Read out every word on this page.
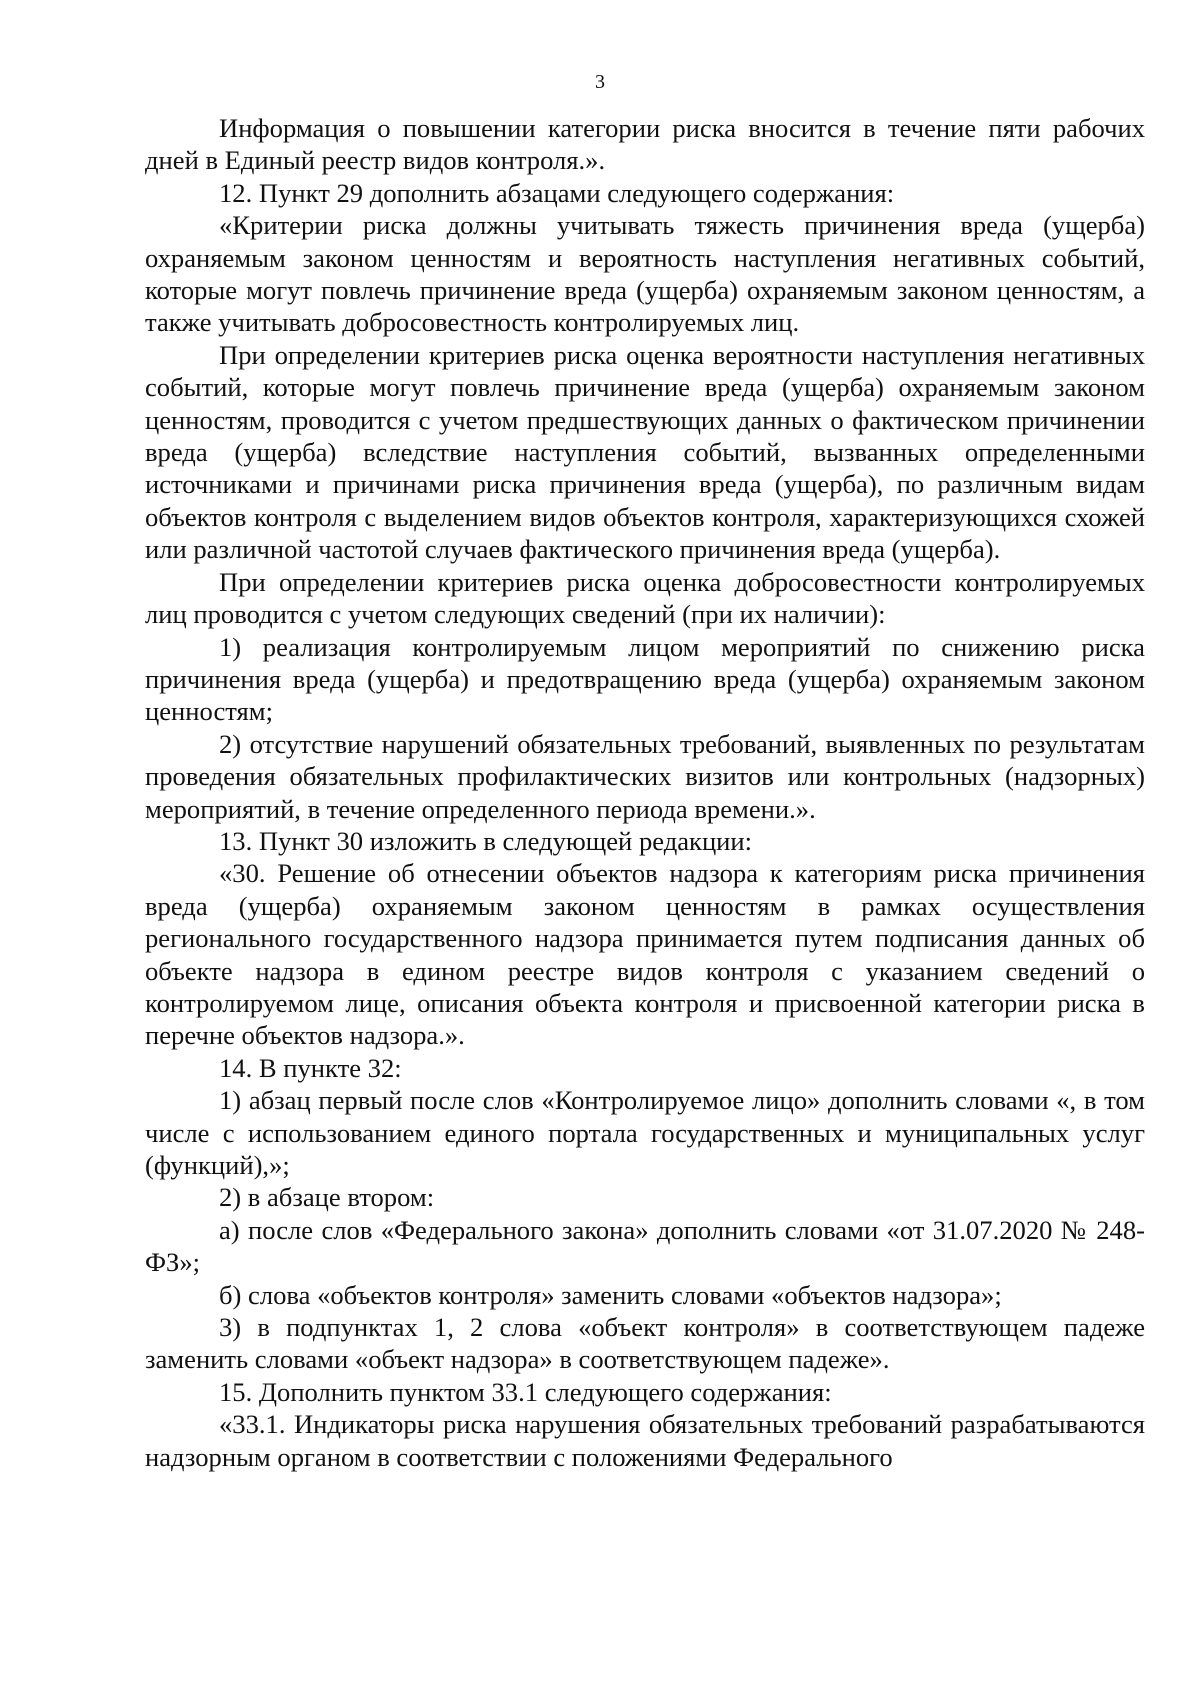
3

Информация о повышении категории риска вносится в течение пяти рабочих дней в Единый реестр видов контроля.».

12. Пункт 29 дополнить абзацами следующего содержания:

«Критерии риска должны учитывать тяжесть причинения вреда (ущерба) охраняемым законом ценностям и вероятность наступления негативных событий, которые могут повлечь причинение вреда (ущерба) охраняемым законом ценностям, а также учитывать добросовестность контролируемых лиц.

При определении критериев риска оценка вероятности наступления негативных событий, которые могут повлечь причинение вреда (ущерба) охраняемым законом ценностям, проводится с учетом предшествующих данных о фактическом причинении вреда (ущерба) вследствие наступления событий, вызванных определенными источниками и причинами риска причинения вреда (ущерба), по различным видам объектов контроля с выделением видов объектов контроля, характеризующихся схожей или различной частотой случаев фактического причинения вреда (ущерба).

При определении критериев риска оценка добросовестности контролируемых лиц проводится с учетом следующих сведений (при их наличии):

1) реализация контролируемым лицом мероприятий по снижению риска причинения вреда (ущерба) и предотвращению вреда (ущерба) охраняемым законом ценностям;

2) отсутствие нарушений обязательных требований, выявленных по результатам проведения обязательных профилактических визитов или контрольных (надзорных) мероприятий, в течение определенного периода времени.».

13. Пункт 30 изложить в следующей редакции:

«30. Решение об отнесении объектов надзора к категориям риска причинения вреда (ущерба) охраняемым законом ценностям в рамках осуществления регионального государственного надзора принимается путем подписания данных об объекте надзора в едином реестре видов контроля с указанием сведений о контролируемом лице, описания объекта контроля и присвоенной категории риска в перечне объектов надзора.».

14. В пункте 32:

1) абзац первый после слов «Контролируемое лицо» дополнить словами «, в том числе с использованием единого портала государственных и муниципальных услуг (функций),»;

2) в абзаце втором:

а) после слов «Федерального закона» дополнить словами «от 31.07.2020 № 248-ФЗ»;

б) слова «объектов контроля» заменить словами «объектов надзора»;

3) в подпунктах 1, 2 слова «объект контроля» в соответствующем падеже заменить словами «объект надзора» в соответствующем падеже».

15. Дополнить пунктом 33.1 следующего содержания:

«33.1. Индикаторы риска нарушения обязательных требований разрабатываются надзорным органом в соответствии с положениями Федерального
